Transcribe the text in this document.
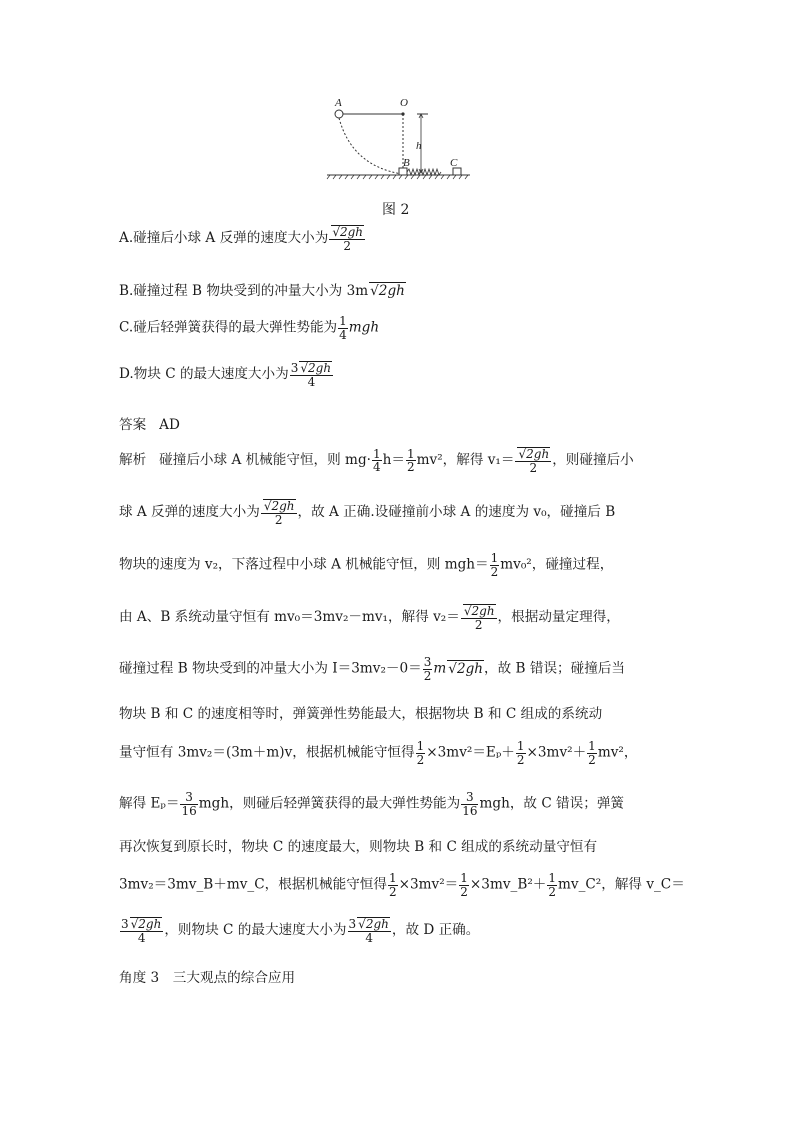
A	O
h
B	C
图 2
A.碰撞后小球 A 反弹的速度大小为
√ $\frac{2gh}{2}$
B.碰撞过程 B 物块受到的冲量大小为 3m√ 2gh
C.碰后轻弹簧获得的最大弹性势能为 $\frac{1}{4}$ mgh
D.物块 C 的最大速度大小为 $\frac{3√ 2gh}{4}$
答案 AD
解析 碰撞后小球 A 机械能守恒，则 $mg\cdot \frac{1}{4} h= \frac{1}{2} mv^2$，解得 v₁＝
√ $\frac{2gh}{2}$ ，则碰撞后小
球 A 反弹的速度大小为
√ $\frac{2gh}{2}$ ，故 A 正确.设碰撞前小球 A 的速度为 v₀，碰撞后 B
物块的速度为 v₂，下落过程中小球 A 机械能守恒，则 $mgh= \frac{1}{2} mv_0^2$，碰撞过程，
由 A、B 系统动量守恒有 mv₀＝3mv₂－mv₁，解得 v₂＝
√ $\frac{2gh}{2}$ ，根据动量定理得，
碰撞过程 B 物块受到的冲量大小为 $I=3mv_2-0= \frac{3}{2} m√$ 2gh，故 B 错误；碰撞后当
物块 B 和 C 的速度相等时，弹簧弹性势能最大，根据物块 B 和 C 组成的系统动
量守恒有 3mv₂＝(3m＋m)v，根据机械能守恒得 $\frac{1}{2} \times 3mv^2=E_p+ \frac{1}{2} \times 3mv^2+ \frac{1}{2} mv^2$，
解得 $E_p= \frac{3}{16}$ mgh，则碰后轻弹簧获得的最大弹性势能为 $\frac{3}{16}$ mgh，故 C 错误；弹簧
再次恢复到原长时，物块 C 的速度最大，则物块 B 和 C 组成的系统动量守恒有
3mv₂＝3mv_B＋mv_C，根据机械能守恒得 $\frac{1}{2} \times 3mv^2= \frac{1}{2}$ ×3mv_B²＋ $\frac{1}{2}$ mv_C²，解得 v_C＝
$\frac{3√ 2gh}{4}$ ，则物块 C 的最大速度大小为 $\frac{3√ 2gh}{4}$ ，故 D 正确。
角度 3　三大观点的综合应用
